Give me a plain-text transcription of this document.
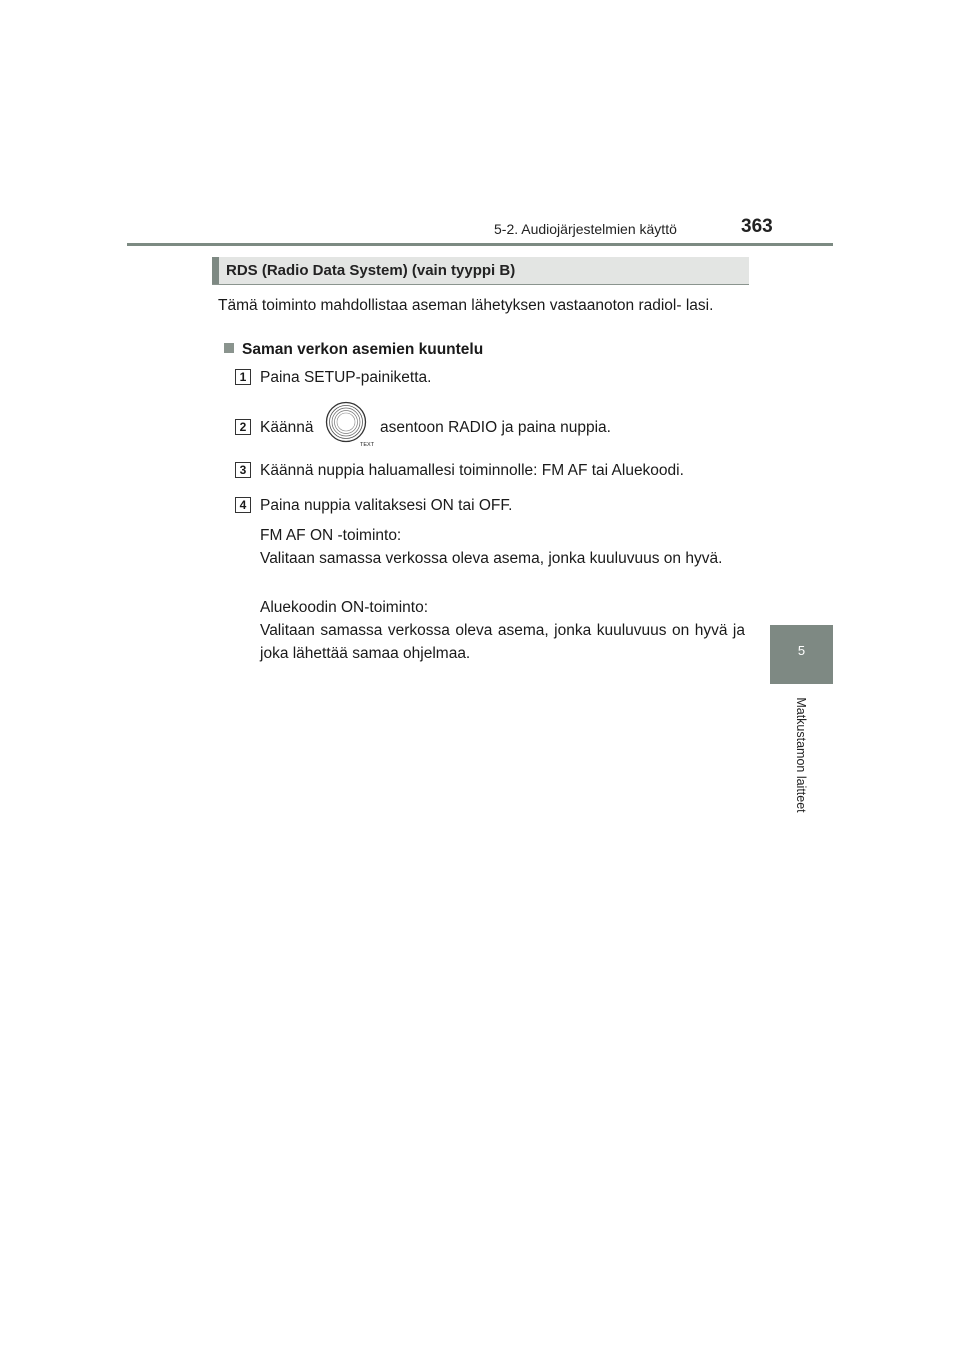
5-2. Audiojärjestelmien käyttö	363
5
Matkustamon laitteet
RDS (Radio Data System) (vain tyyppi B)
Tämä toiminto mahdollistaa aseman lähetyksen vastaanoton radiol- lasi.
Saman verkon asemien kuuntelu
1 Paina SETUP-painiketta.
2 Käännä
TEXT
asentoon RADIO ja paina nuppia.
3 Käännä nuppia haluamallesi toiminnolle: FM AF tai Aluekoodi.
4 Paina nuppia valitaksesi ON tai OFF.
FM AF ON -toiminto:
Valitaan samassa verkossa oleva asema, jonka kuuluvuus on hyvä.
Aluekoodin ON-toiminto:
Valitaan samassa verkossa oleva asema, jonka kuuluvuus on hyvä ja joka lähettää samaa ohjelmaa.
